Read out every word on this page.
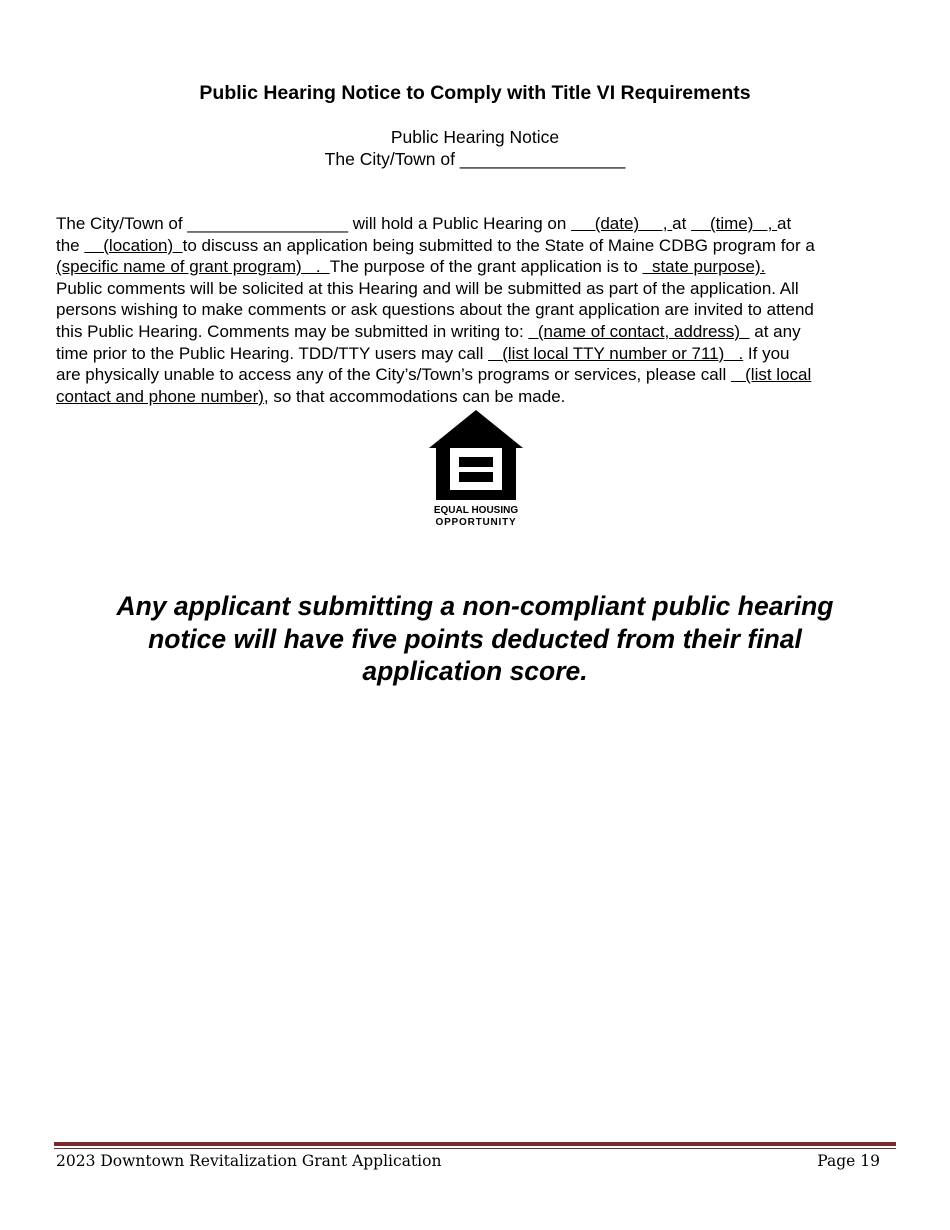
Public Hearing Notice to Comply with Title VI Requirements
Public Hearing Notice
The City/Town of _________________
The City/Town of _________________ will hold a Public Hearing on      (date)     , at     (time)   , at
the     (location)  to discuss an application being submitted to the State of Maine CDBG program for a
(specific name of grant program)   .  The purpose of the grant application is to   state purpose).
Public comments will be solicited at this Hearing and will be submitted as part of the application. All
persons wishing to make comments or ask questions about the grant application are invited to attend
this Public Hearing. Comments may be submitted in writing to:   (name of contact, address)   at any
time prior to the Public Hearing. TDD/TTY users may call    (list local TTY number or 711)   . If you
are physically unable to access any of the City’s/Town’s programs or services, please call    (list local
contact and phone number), so that accommodations can be made.
EQUAL HOUSING
OPPORTUNITY
Any applicant submitting a non-compliant public hearing
notice will have five points deducted from their final
application score.
2023 Downtown Revitalization Grant Application	Page 19
